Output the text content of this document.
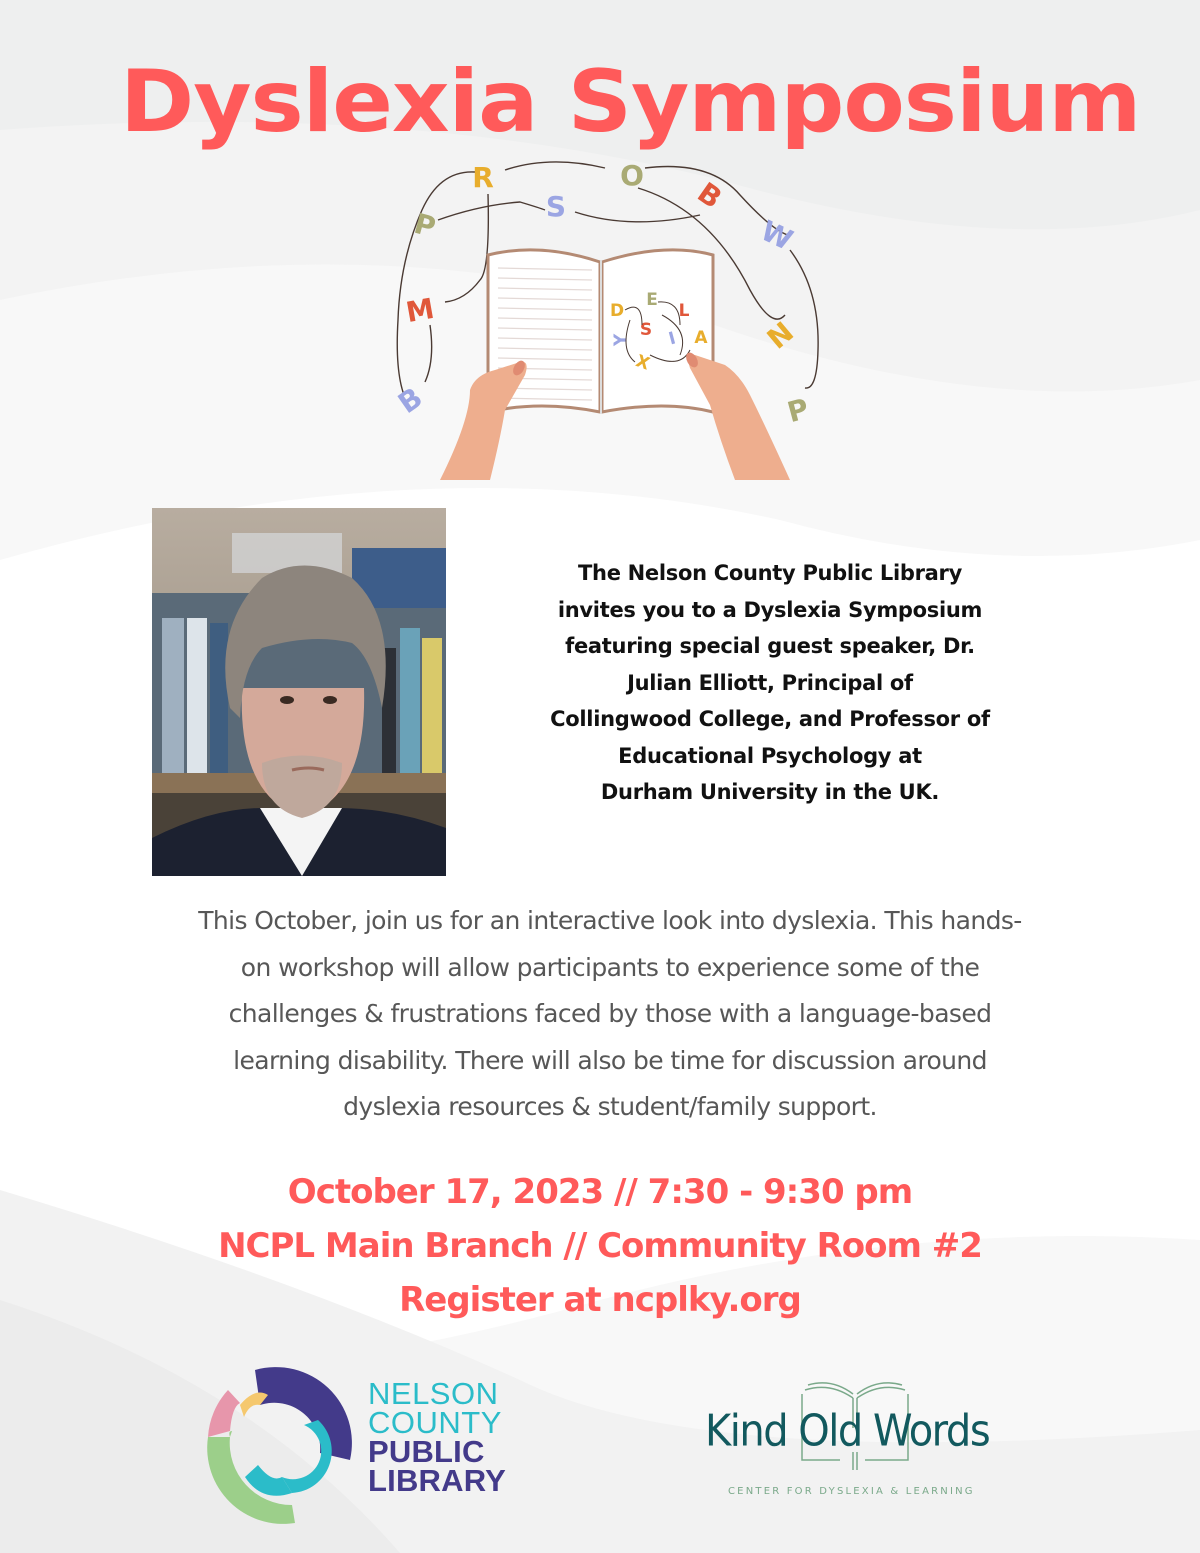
Dyslexia Symposium
R	O
S	B
P	W
M
N
B	P
D
E
L
S I A
Y
X
The Nelson County Public Library
invites you to a Dyslexia Symposium
featuring special guest speaker, Dr.
Julian Elliott, Principal of
Collingwood College, and Professor of
Educational Psychology at
Durham University in the UK.
This October, join us for an interactive look into dyslexia. This hands-
on workshop will allow participants to experience some of the
challenges & frustrations faced by those with a language-based
learning disability. There will also be time for discussion around
dyslexia resources & student/family support.
October 17, 2023 // 7:30 - 9:30 pm
NCPL Main Branch // Community Room #2
Register at ncplky.org
NELSON
COUNTY
PUBLIC
LIBRARY
Kind Old Words
CENTER FOR DYSLEXIA & LEARNING
